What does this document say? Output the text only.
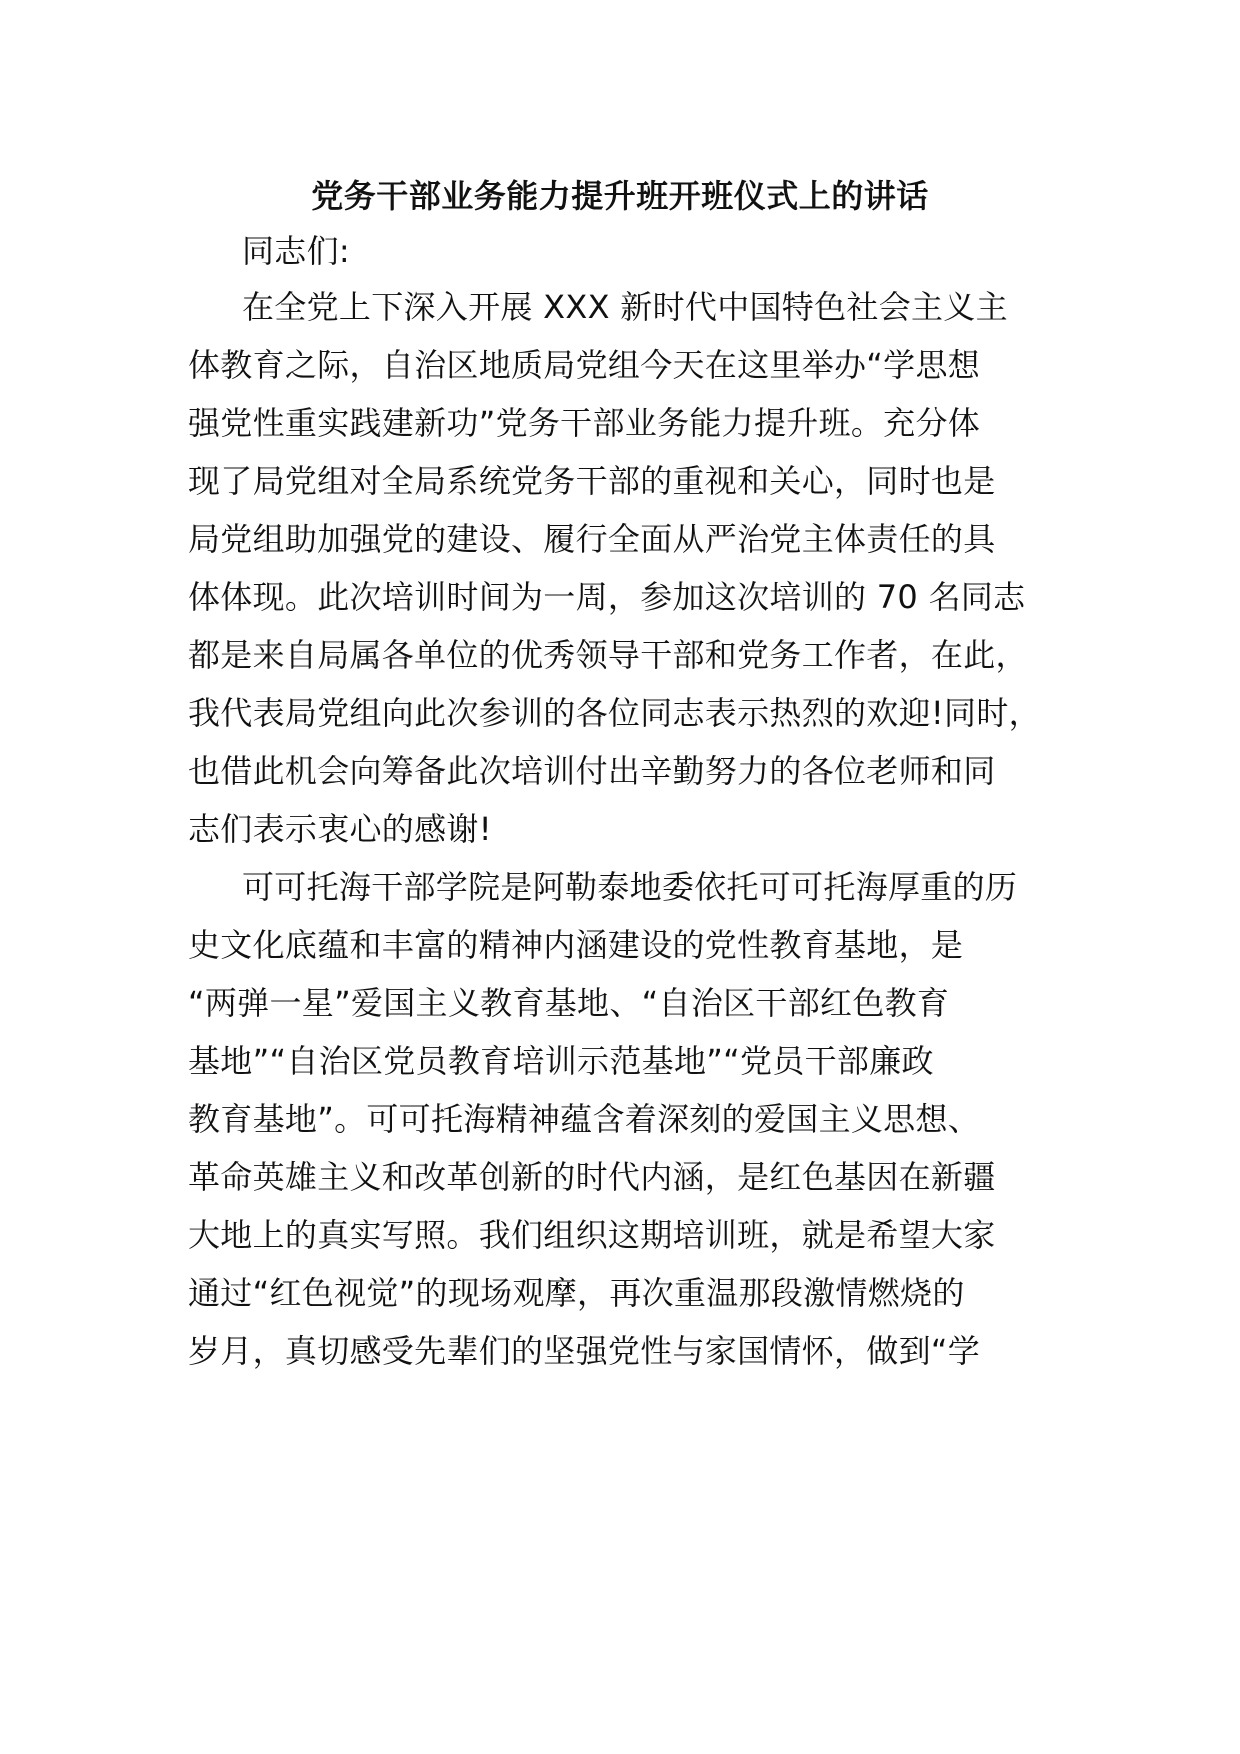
党务干部业务能力提升班开班仪式上的讲话
同志们:
在全党上下深入开展 XXX 新时代中国特色社会主义主
体教育之际，自治区地质局党组今天在这里举办“学思想
强党性重实践建新功”党务干部业务能力提升班。充分体
现了局党组对全局系统党务干部的重视和关心，同时也是
局党组助加强党的建设、履行全面从严治党主体责任的具
体体现。此次培训时间为一周，参加这次培训的 70 名同志
都是来自局属各单位的优秀领导干部和党务工作者，在此，
我代表局党组向此次参训的各位同志表示热烈的欢迎!同时，
也借此机会向筹备此次培训付出辛勤努力的各位老师和同
志们表示衷心的感谢!
可可托海干部学院是阿勒泰地委依托可可托海厚重的历
史文化底蕴和丰富的精神内涵建设的党性教育基地，是
“两弹一星”爱国主义教育基地、“自治区干部红色教育
基地”“自治区党员教育培训示范基地”“党员干部廉政
教育基地”。可可托海精神蕴含着深刻的爱国主义思想、
革命英雄主义和改革创新的时代内涵，是红色基因在新疆
大地上的真实写照。我们组织这期培训班，就是希望大家
通过“红色视觉”的现场观摩，再次重温那段激情燃烧的
岁月，真切感受先辈们的坚强党性与家国情怀，做到“学
